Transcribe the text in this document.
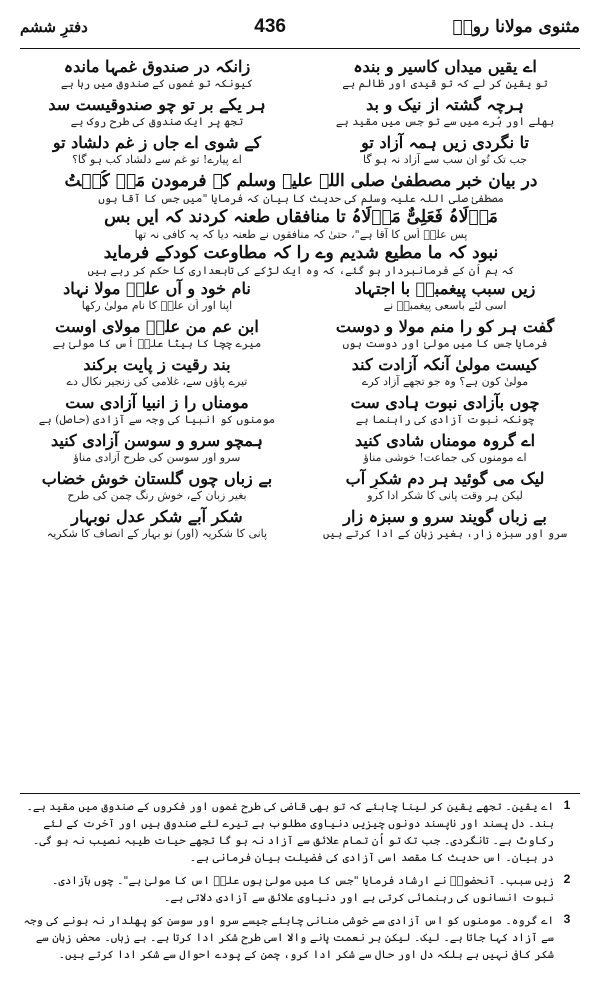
مثنوی مولانا رومؒ
436
دفترِ ششم
اے یقیں میداں کاسیر و بندہ
زانکہ در صندوق غمہا ماندہ
تو یقین کر لے کہ تو قیدی اور ظالم ہے
کیونکہ تو غموں کے صندوق میں رہا ہے
ہرچہ گشتہ از نیک و بد
ہر یکے بر تو چو صندوقیست سد
بھلے اور بُرے میں سے تو جس میں مقید ہے
تجھ پر ایک صندوق کی طرح روک ہے
تا نگردی زیں ہمہ آزاد تو
کے شوی اے جاں ز غم دلشاد تو
جب تک تُو ان سب سے آزاد نہ ہو گا
اے پیارے! تو غم سے دلشاد کب ہو گا؟
در بیان خبر مصطفیٰ صلی اللہ علیہ وسلم کہ فرمودن مَنۡ کُنۡتُ
مصطفیٰ صلی اللہ علیہ وسلم کی حدیث کا بیان کہ فرمایا "میں جس کا آقا ہوں
مَوۡلَاہُ فَعَلِیٌّ مَوۡلَاہُ تا منافقاں طعنہ کردند کہ ایں بس
پس علیؓ اُس کا آقا ہے"، حتیٰ کہ منافقوں نے طعنہ دیا کہ یہ کافی نہ تھا
نبود کہ ما مطیع شدیم وے را کہ مطاوعت کودکے فرماید
کہ ہم اُن کے فرمانبردار ہو گئے، کہ وہ ایک لڑکے کی تابعداری کا حکم کر رہے ہیں
زیں سبب پیغمبرؐ با اجتہاد
نام خود و آں علیؓ مولا نہاد
اسی لئے باسعی پیغمبرؐ نے
اپنا اور اُن علیؓ کا نام مولیٰ رکھا
گفت ہر کو را منم مولا و دوست
ابن عم من علیؓ مولای اوست
فرمایا جس کا میں مولیٰ اور دوست ہوں
میرے چچا کا بیٹا علیؓ اُس کا مولیٰ ہے
کیست مولیٰ آنکہ آزادت کند
بند رقیت ز پایت برکند
مولیٰ کون ہے؟ وہ جو تجھے آزاد کرے
تیرے پاؤں سے، غلامی کی زنجیر نکال دے
چوں بآزادی نبوت ہادی ست
مومناں را ز انبیا آزادی ست
چونکہ نبوت آزادی کی راہنما ہے
مومنوں کو انبیا کی وجہ سے آزادی (حاصل) ہے
اے گروہ مومناں شادی کنید
ہمچو سرو و سوسن آزادی کنید
اے مومنوں کی جماعت! خوشی مناؤ
سرو اور سوسن کی طرح آزادی مناؤ
لیک می گوئید ہر دم شکرِ آب
بے زباں چوں گلستان خوش خضاب
لیکن ہر وقت پانی کا شکر ادا کرو
بغیر زبان کے، خوش رنگ چمن کی طرح
بے زباں گویند سرو و سبزہ زار
شکر آبے شکر عدل نوبہار
سرو اور سبزہ زار، بغیر زبان کے ادا کرتے ہیں
پانی کا شکریہ (اور) نو بہار کے انصاف کا شکریہ
1
اے یقین۔ تجھے یقین کر لینا چاہئے کہ تو بھی قاضی کی طرح غموں اور فکروں کے صندوق میں مقید ہے۔ بند۔ دل پسند اور ناپسند دونوں چیزیں دنیاوی مطلوب ہے تیرے لئے صندوق ہیں اور آخرت کے لئے رکاوٹ ہے۔ تانگردی۔ جب تک تو اُن تمام علائق سے آزاد نہ ہو گا تجھے حیات طیبہ نصیب نہ ہو گی۔ در بیان۔ اس حدیث کا مقصد اسی آزادی کی فضیلت بیان فرمانی ہے۔
2
زیں سبب۔ آنحضورؐ نے ارشاد فرمایا "جس کا میں مولیٰ ہوں علیؓ اس کا مولیٰ ہے"۔ چوں بآزادی۔ نبوت انسانوں کی رہنمائی کرتی ہے اور دنیاوی علائق سے آزادی دلاتی ہے۔
3
اے گروہ۔ مومنوں کو اس آزادی سے خوشی منانی چاہئے جیسے سرو اور سوسن کو پھلدار نہ ہونے کی وجہ سے آزاد کہا جاتا ہے۔ لیک۔ لیکن ہر نعمت پانے والا اسی طرح شکر ادا کرتا ہے۔ بے زباں۔ محض زبان سے شکر کافی نہیں ہے بلکہ دل اور حال سے شکر ادا کرو، چمن کے پودے احوال سے شکر ادا کرتے ہیں۔
